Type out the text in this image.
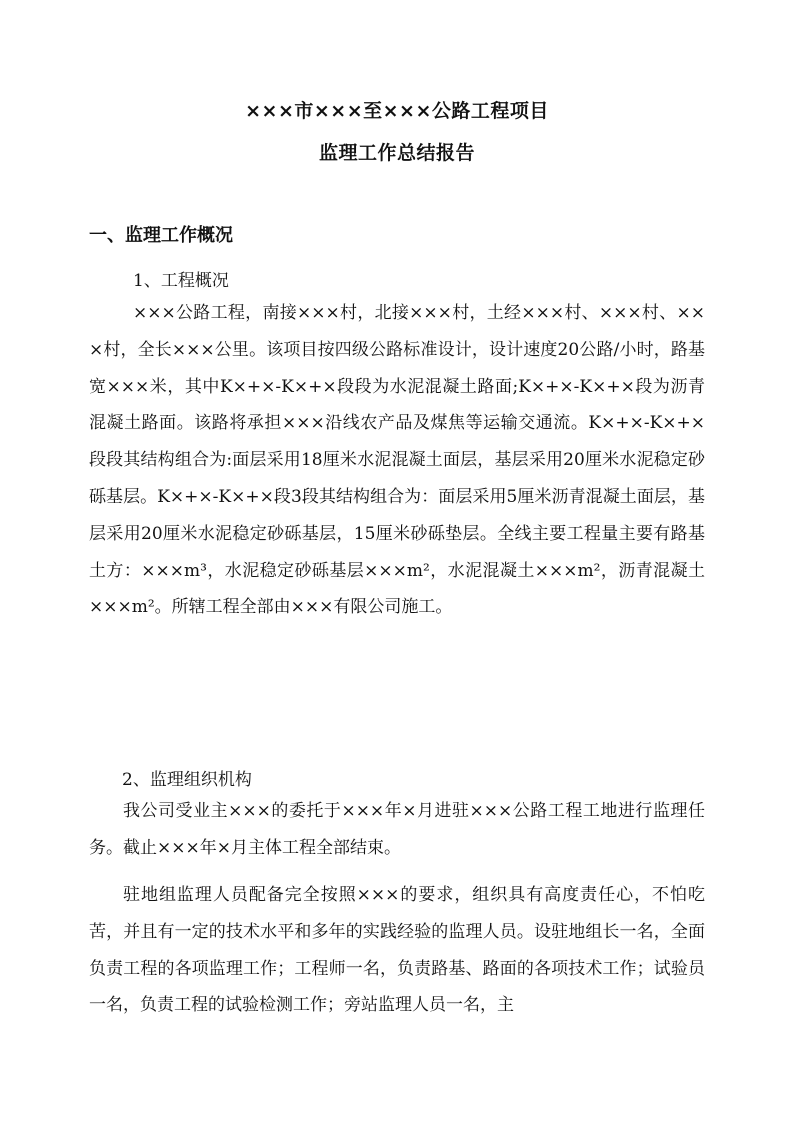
×××市×××至×××公路工程项目
监理工作总结报告
一、监理工作概况
1、工程概况

×××公路工程，南接×××村，北接×××村，土经×××村、×××村、×××村，全长×××公里。该项目按四级公路标准设计，设计速度20公路/小时，路基宽×××米，其中K×+×-K×+×段段为水泥混凝土路面;K×+×-K×+×段为沥青混凝土路面。该路将承担×××沿线农产品及煤焦等运输交通流。K×+×-K×+×段段其结构组合为:面层采用18厘米水泥混凝土面层，基层采用20厘米水泥稳定砂砾基层。K×+×-K×+×段3段其结构组合为：面层采用5厘米沥青混凝土面层，基层采用20厘米水泥稳定砂砾基层，15厘米砂砾垫层。全线主要工程量主要有路基土方：×××m³，水泥稳定砂砾基层×××m²，水泥混凝土×××m²，沥青混凝土×××m²。所辖工程全部由×××有限公司施工。

2、监理组织机构

我公司受业主×××的委托于×××年×月进驻×××公路工程工地进行监理任务。截止×××年×月主体工程全部结束。

驻地组监理人员配备完全按照×××的要求，组织具有高度责任心，不怕吃苦，并且有一定的技术水平和多年的实践经验的监理人员。设驻地组长一名，全面负责工程的各项监理工作；工程师一名，负责路基、路面的各项技术工作；试验员一名，负责工程的试验检测工作；旁站监理人员一名，主
